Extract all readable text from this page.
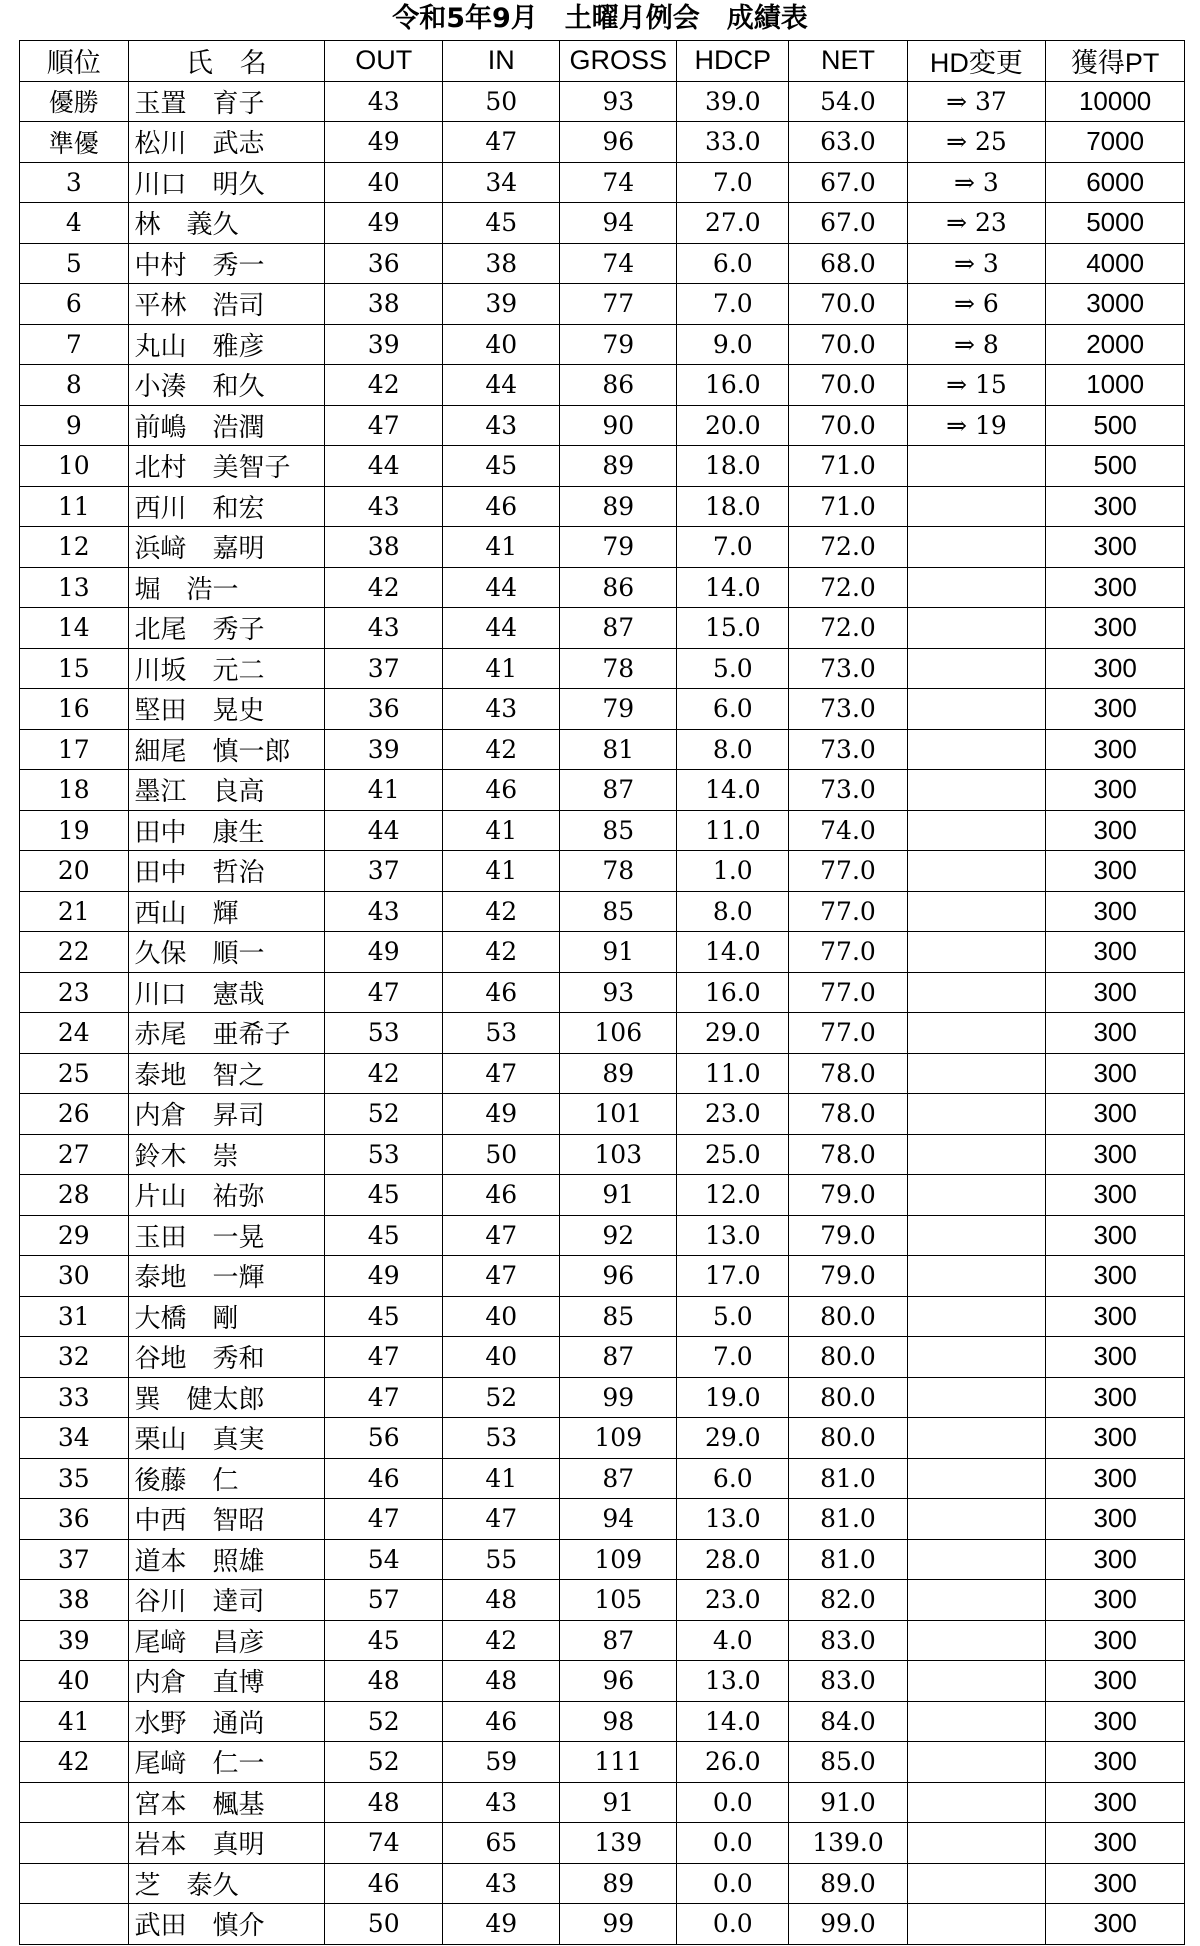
令和5年9月　土曜月例会　成績表
順位	氏　名	OUT	IN	GROSS	HDCP	NET	HD変更	獲得PT
優勝	玉置　育子	43	50	93	39.0	54.0	⇒ 37	10000
準優	松川　武志	49	47	96	33.0	63.0	⇒ 25	7000
3	川口　明久	40	34	74	7.0	67.0	⇒ 3	6000
4	林　義久	49	45	94	27.0	67.0	⇒ 23	5000
5	中村　秀一	36	38	74	6.0	68.0	⇒ 3	4000
6	平林　浩司	38	39	77	7.0	70.0	⇒ 6	3000
7	丸山　雅彦	39	40	79	9.0	70.0	⇒ 8	2000
8	小湊　和久	42	44	86	16.0	70.0	⇒ 15	1000
9	前嶋　浩潤	47	43	90	20.0	70.0	⇒ 19	500
10	北村　美智子	44	45	89	18.0	71.0		500
11	西川　和宏	43	46	89	18.0	71.0		300
12	浜﨑　嘉明	38	41	79	7.0	72.0		300
13	堀　浩一	42	44	86	14.0	72.0		300
14	北尾　秀子	43	44	87	15.0	72.0		300
15	川坂　元二	37	41	78	5.0	73.0		300
16	堅田　晃史	36	43	79	6.0	73.0		300
17	細尾　慎一郎	39	42	81	8.0	73.0		300
18	墨江　良高	41	46	87	14.0	73.0		300
19	田中　康生	44	41	85	11.0	74.0		300
20	田中　哲治	37	41	78	1.0	77.0		300
21	西山　輝	43	42	85	8.0	77.0		300
22	久保　順一	49	42	91	14.0	77.0		300
23	川口　憲哉	47	46	93	16.0	77.0		300
24	赤尾　亜希子	53	53	106	29.0	77.0		300
25	泰地　智之	42	47	89	11.0	78.0		300
26	内倉　昇司	52	49	101	23.0	78.0		300
27	鈴木　崇	53	50	103	25.0	78.0		300
28	片山　祐弥	45	46	91	12.0	79.0		300
29	玉田　一晃	45	47	92	13.0	79.0		300
30	泰地　一輝	49	47	96	17.0	79.0		300
31	大橋　剛	45	40	85	5.0	80.0		300
32	谷地　秀和	47	40	87	7.0	80.0		300
33	巽　健太郎	47	52	99	19.0	80.0		300
34	栗山　真実	56	53	109	29.0	80.0		300
35	後藤　仁	46	41	87	6.0	81.0		300
36	中西　智昭	47	47	94	13.0	81.0		300
37	道本　照雄	54	55	109	28.0	81.0		300
38	谷川　達司	57	48	105	23.0	82.0		300
39	尾﨑　昌彦	45	42	87	4.0	83.0		300
40	内倉　直博	48	48	96	13.0	83.0		300
41	水野　通尚	52	46	98	14.0	84.0		300
42	尾﨑　仁一	52	59	111	26.0	85.0		300
	宮本　楓基	48	43	91	0.0	91.0		300
	岩本　真明	74	65	139	0.0	139.0		300
	芝　泰久	46	43	89	0.0	89.0		300
	武田　慎介	50	49	99	0.0	99.0		300
